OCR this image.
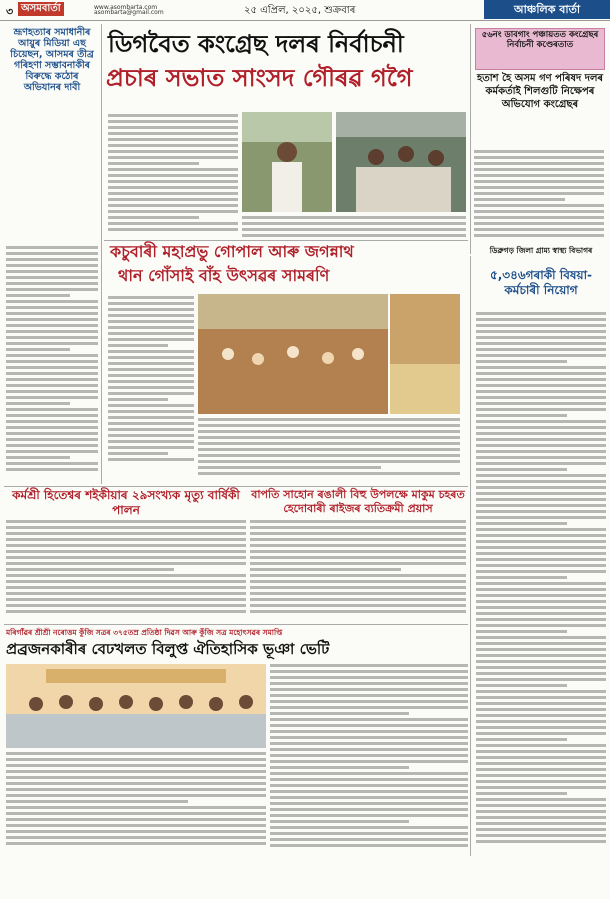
৩ অসমবাৰ্তা	www.asombarta.com
asombarta@gmail.com	২৫ এপ্ৰিল, ২০২৫, শুক্ৰবাৰ	আঞ্চলিক বাৰ্তা
ভ্ৰূণহত্যাৰ সমাধানীৰ আয়ুৰ মিডিয়া এছ চিয়েছন, আসমৰ তীব্ৰ গৰিহণা সম্ভাবনাকীৰ বিৰুদ্ধে কঠোৰ অভিযানৰ দাবী
ডিগবৈত কংগ্ৰেছ দলৰ নিৰ্বাচনী
প্ৰচাৰ সভাত সাংসদ গৌৰৱ গগৈ
৫৬নং ডাবগাং পঞ্চায়তত কংগ্ৰেছৰ নিৰ্বাচনী কণ্ডেৰতাত
হতাশ হৈ অসম গণ পৰিষদ দলৰ কৰ্মকৰ্তাই শিলগুটি নিক্ষেপৰ অভিযোগ কংগ্ৰেছৰ
কচুবাৰী মহাপ্ৰভু গোপাল আৰু জগন্নাথ
থান গোঁসাই বাঁহ উৎসৱৰ সামৰণি
ডিব্ৰুগড় জিলা গ্ৰাম্য স্বাস্থ্য বিভাগৰ
৫,৩৪৬গৰাকী বিষয়া-কৰ্মচাৰী নিয়োগ
কৰ্মশ্ৰী হিতেশ্বৰ শইকীয়াৰ ২৯সংখ্যক মৃত্যু বাৰ্ষিকী পালন
বাপতি সাহোন ৰঙালী বিহু উপলক্ষে মাকুম চহৰত হেদোবাৰী ৰাইজৰ ব্যতিক্ৰমী প্ৰয়াস
মৰিগাঁৱৰ শ্ৰীশ্ৰী নৰোত্তম কুঁজি সত্ৰৰ ৩৭৫তম্ৰ প্ৰতিষ্ঠা দিৱস আৰু কুঁজি সত্ৰ মহোৎসৱৰ সমাপ্তি
প্ৰব্ৰজনকাৰীৰ বেঢখলত বিলুপ্ত ঐতিহাসিক ভূঞা ভেটি
